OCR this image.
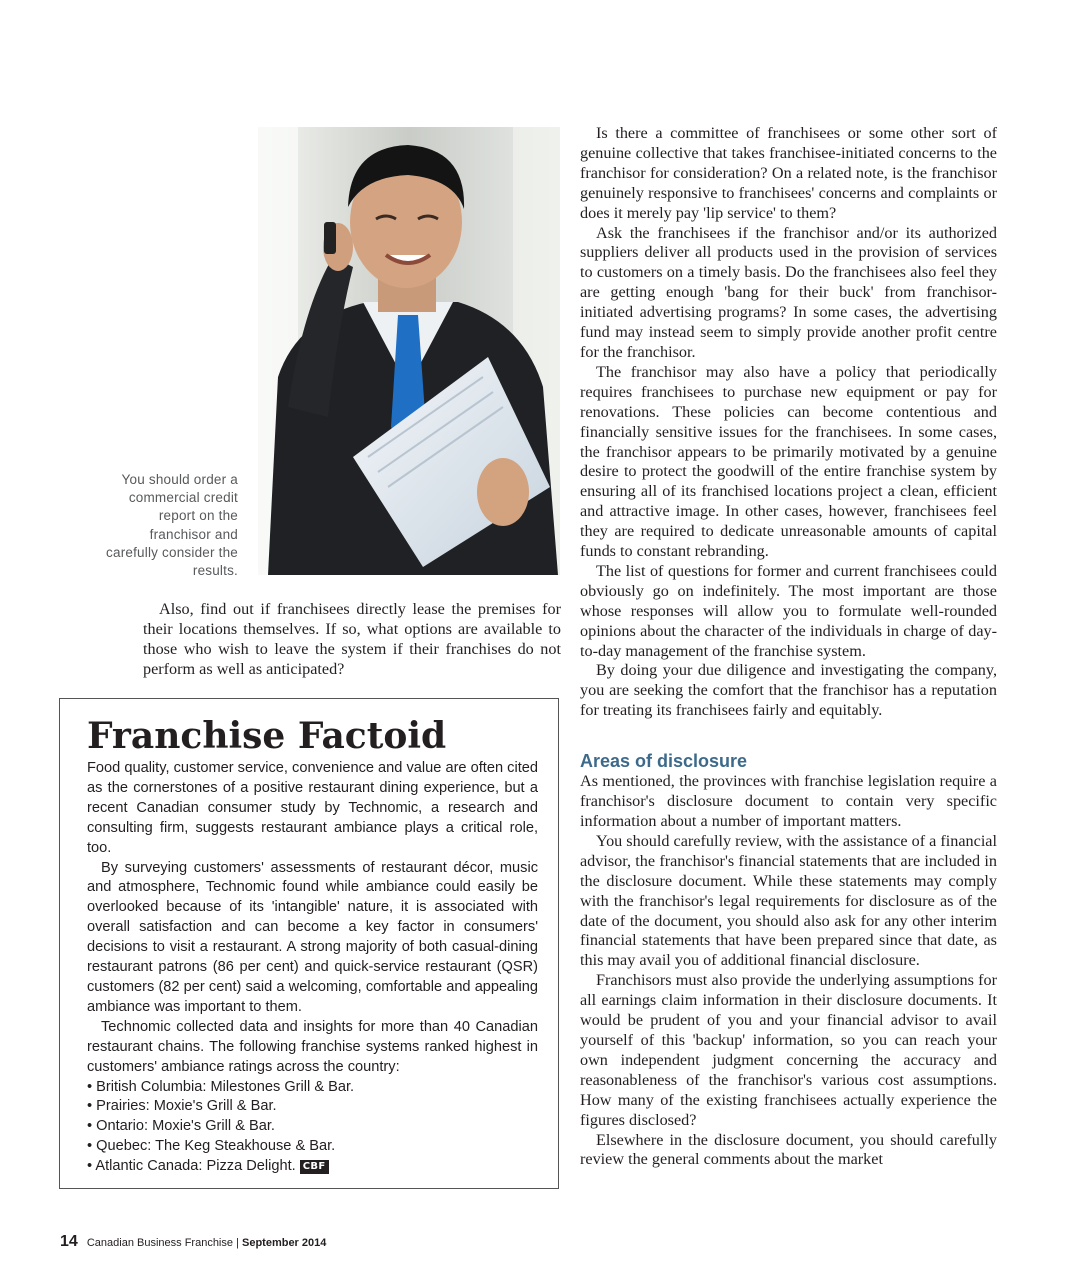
You should order a commercial credit report on the franchisor and carefully consider the results.

Also, find out if franchisees directly lease the premises for their locations themselves. If so, what options are available to those who wish to leave the system if their franchises do not perform as well as anticipated?

Franchise Factoid

Food quality, customer service, convenience and value are often cited as the cornerstones of a positive restaurant dining experience, but a recent Canadian consumer study by Technomic, a research and consulting firm, suggests restaurant ambiance plays a critical role, too.

By surveying customers' assessments of restaurant décor, music and atmosphere, Technomic found while ambiance could easily be overlooked because of its 'intangible' nature, it is associated with overall satisfaction and can become a key factor in consumers' decisions to visit a restaurant. A strong majority of both casual-dining restaurant patrons (86 per cent) and quick-service restaurant (QSR) customers (82 per cent) said a welcoming, comfortable and appealing ambiance was important to them.

Technomic collected data and insights for more than 40 Canadian restaurant chains. The following franchise systems ranked highest in customers' ambiance ratings across the country:

• British Columbia: Milestones Grill & Bar.
• Prairies: Moxie's Grill & Bar.
• Ontario: Moxie's Grill & Bar.
• Quebec: The Keg Steakhouse & Bar.
• Atlantic Canada: Pizza Delight. CBF

Is there a committee of franchisees or some other sort of genuine collective that takes franchisee-initiated concerns to the franchisor for consideration? On a related note, is the franchisor genuinely responsive to franchisees' concerns and complaints or does it merely pay 'lip service' to them?

Ask the franchisees if the franchisor and/or its authorized suppliers deliver all products used in the provision of services to customers on a timely basis. Do the franchisees also feel they are getting enough 'bang for their buck' from franchisor-initiated advertising programs? In some cases, the advertising fund may instead seem to simply provide another profit centre for the franchisor.

The franchisor may also have a policy that periodically requires franchisees to purchase new equipment or pay for renovations. These policies can become contentious and financially sensitive issues for the franchisees. In some cases, the franchisor appears to be primarily motivated by a genuine desire to protect the goodwill of the entire franchise system by ensuring all of its franchised locations project a clean, efficient and attractive image. In other cases, however, franchisees feel they are required to dedicate unreasonable amounts of capital funds to constant rebranding.

The list of questions for former and current franchisees could obviously go on indefinitely. The most important are those whose responses will allow you to formulate well-rounded opinions about the character of the individuals in charge of day-to-day management of the franchise system.

By doing your due diligence and investigating the company, you are seeking the comfort that the franchisor has a reputation for treating its franchisees fairly and equitably.

Areas of disclosure

As mentioned, the provinces with franchise legislation require a franchisor's disclosure document to contain very specific information about a number of important matters.

You should carefully review, with the assistance of a financial advisor, the franchisor's financial statements that are included in the disclosure document. While these statements may comply with the franchisor's legal requirements for disclosure as of the date of the document, you should also ask for any other interim financial statements that have been prepared since that date, as this may avail you of additional financial disclosure.

Franchisors must also provide the underlying assumptions for all earnings claim information in their disclosure documents. It would be prudent of you and your financial advisor to avail yourself of this 'backup' information, so you can reach your own independent judgment concerning the accuracy and reasonableness of the franchisor's various cost assumptions. How many of the existing franchisees actually experience the figures disclosed?

Elsewhere in the disclosure document, you should carefully review the general comments about the market

14 Canadian Business Franchise | September 2014
